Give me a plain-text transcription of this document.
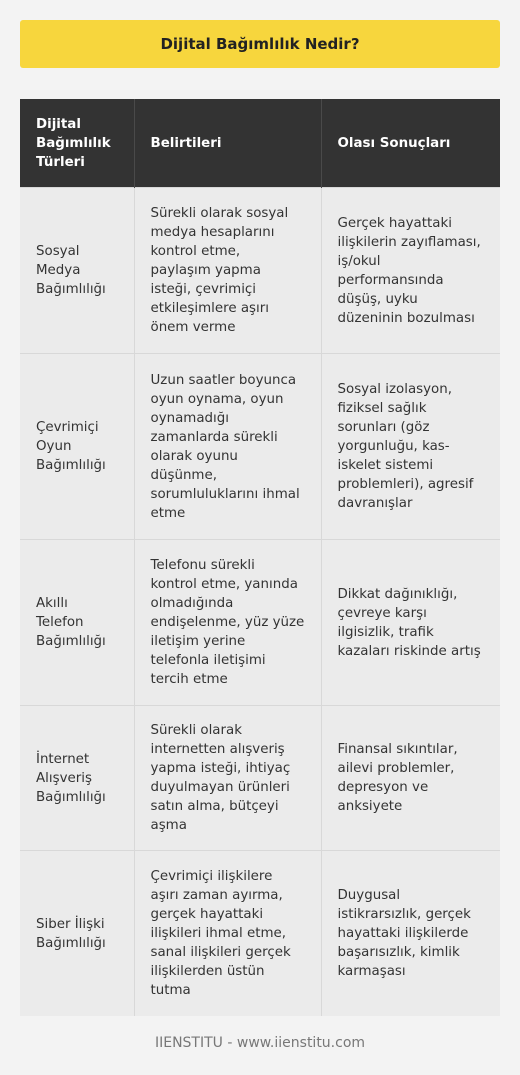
Dijital Bağımlılık Nedir?
Dijital Bağımlılık Türleri	Belirtileri	Olası Sonuçları
Sosyal Medya Bağımlılığı	Sürekli olarak sosyal medya hesaplarını kontrol etme, paylaşım yapma isteği, çevrimiçi etkileşimlere aşırı önem verme	Gerçek hayattaki ilişkilerin zayıflaması, iş/okul performansında düşüş, uyku düzeninin bozulması
Çevrimiçi Oyun Bağımlılığı	Uzun saatler boyunca oyun oynama, oyun oynamadığı zamanlarda sürekli olarak oyunu düşünme, sorumluluklarını ihmal etme	Sosyal izolasyon, fiziksel sağlık sorunları (göz yorgunluğu, kas-iskelet sistemi problemleri), agresif davranışlar
Akıllı Telefon Bağımlılığı	Telefonu sürekli kontrol etme, yanında olmadığında endişelenme, yüz yüze iletişim yerine telefonla iletişimi tercih etme	Dikkat dağınıklığı, çevreye karşı ilgisizlik, trafik kazaları riskinde artış
İnternet Alışveriş Bağımlılığı	Sürekli olarak internetten alışveriş yapma isteği, ihtiyaç duyulmayan ürünleri satın alma, bütçeyi aşma	Finansal sıkıntılar, ailevi problemler, depresyon ve anksiyete
Siber İlişki Bağımlılığı	Çevrimiçi ilişkilere aşırı zaman ayırma, gerçek hayattaki ilişkileri ihmal etme, sanal ilişkileri gerçek ilişkilerden üstün tutma	Duygusal istikrarsızlık, gerçek hayattaki ilişkilerde başarısızlık, kimlik karmaşası
IIENSTITU - www.iienstitu.com
